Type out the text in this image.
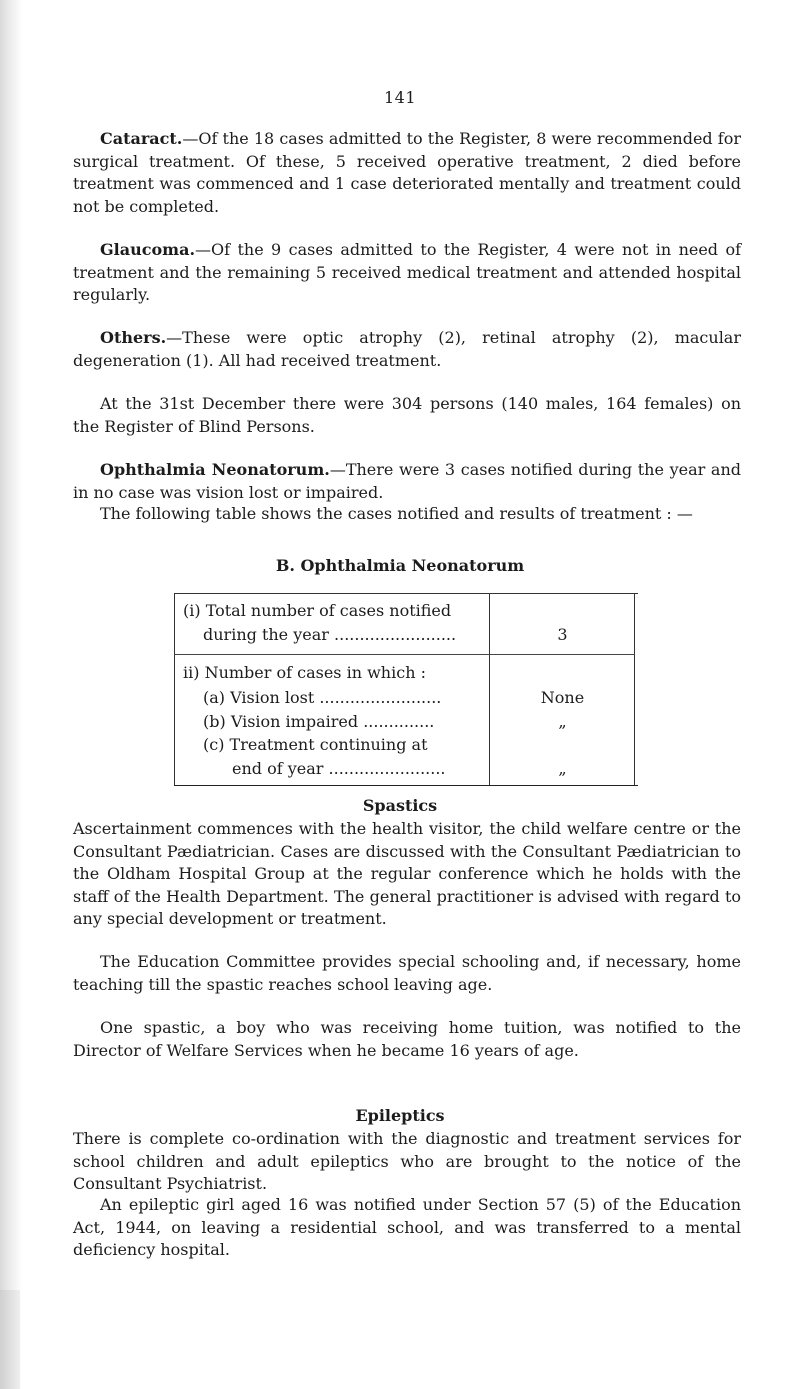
141

Cataract.—Of the 18 cases admitted to the Register, 8 were recommended for surgical treatment. Of these, 5 received operative treatment, 2 died before treatment was commenced and 1 case deteriorated mentally and treatment could not be completed.

Glaucoma.—Of the 9 cases admitted to the Register, 4 were not in need of treatment and the remaining 5 received medical treatment and attended hospital regularly.

Others.—These were optic atrophy (2), retinal atrophy (2), macular degeneration (1). All had received treatment.

At the 31st December there were 304 persons (140 males, 164 females) on the Register of Blind Persons.

Ophthalmia Neonatorum.—There were 3 cases notified during the year and in no case was vision lost or impaired.

The following table shows the cases notified and results of treatment : —

B. Ophthalmia Neonatorum

(i) Total number of cases notified
during the year ........................	3
ii) Number of cases in which :
(a) Vision lost ........................	None
(b) Vision impaired ..............	„
(c) Treatment continuing at
end of year .......................	„

Spastics

Ascertainment commences with the health visitor, the child welfare centre or the Consultant Pædiatrician. Cases are discussed with the Consultant Pædiatrician to the Oldham Hospital Group at the regular conference which he holds with the staff of the Health Department. The general practitioner is advised with regard to any special development or treatment.

The Education Committee provides special schooling and, if necessary, home teaching till the spastic reaches school leaving age.

One spastic, a boy who was receiving home tuition, was notified to the Director of Welfare Services when he became 16 years of age.

Epileptics

There is complete co-ordination with the diagnostic and treatment services for school children and adult epileptics who are brought to the notice of the Consultant Psychiatrist.

An epileptic girl aged 16 was notified under Section 57 (5) of the Education Act, 1944, on leaving a residential school, and was transferred to a mental deficiency hospital.
